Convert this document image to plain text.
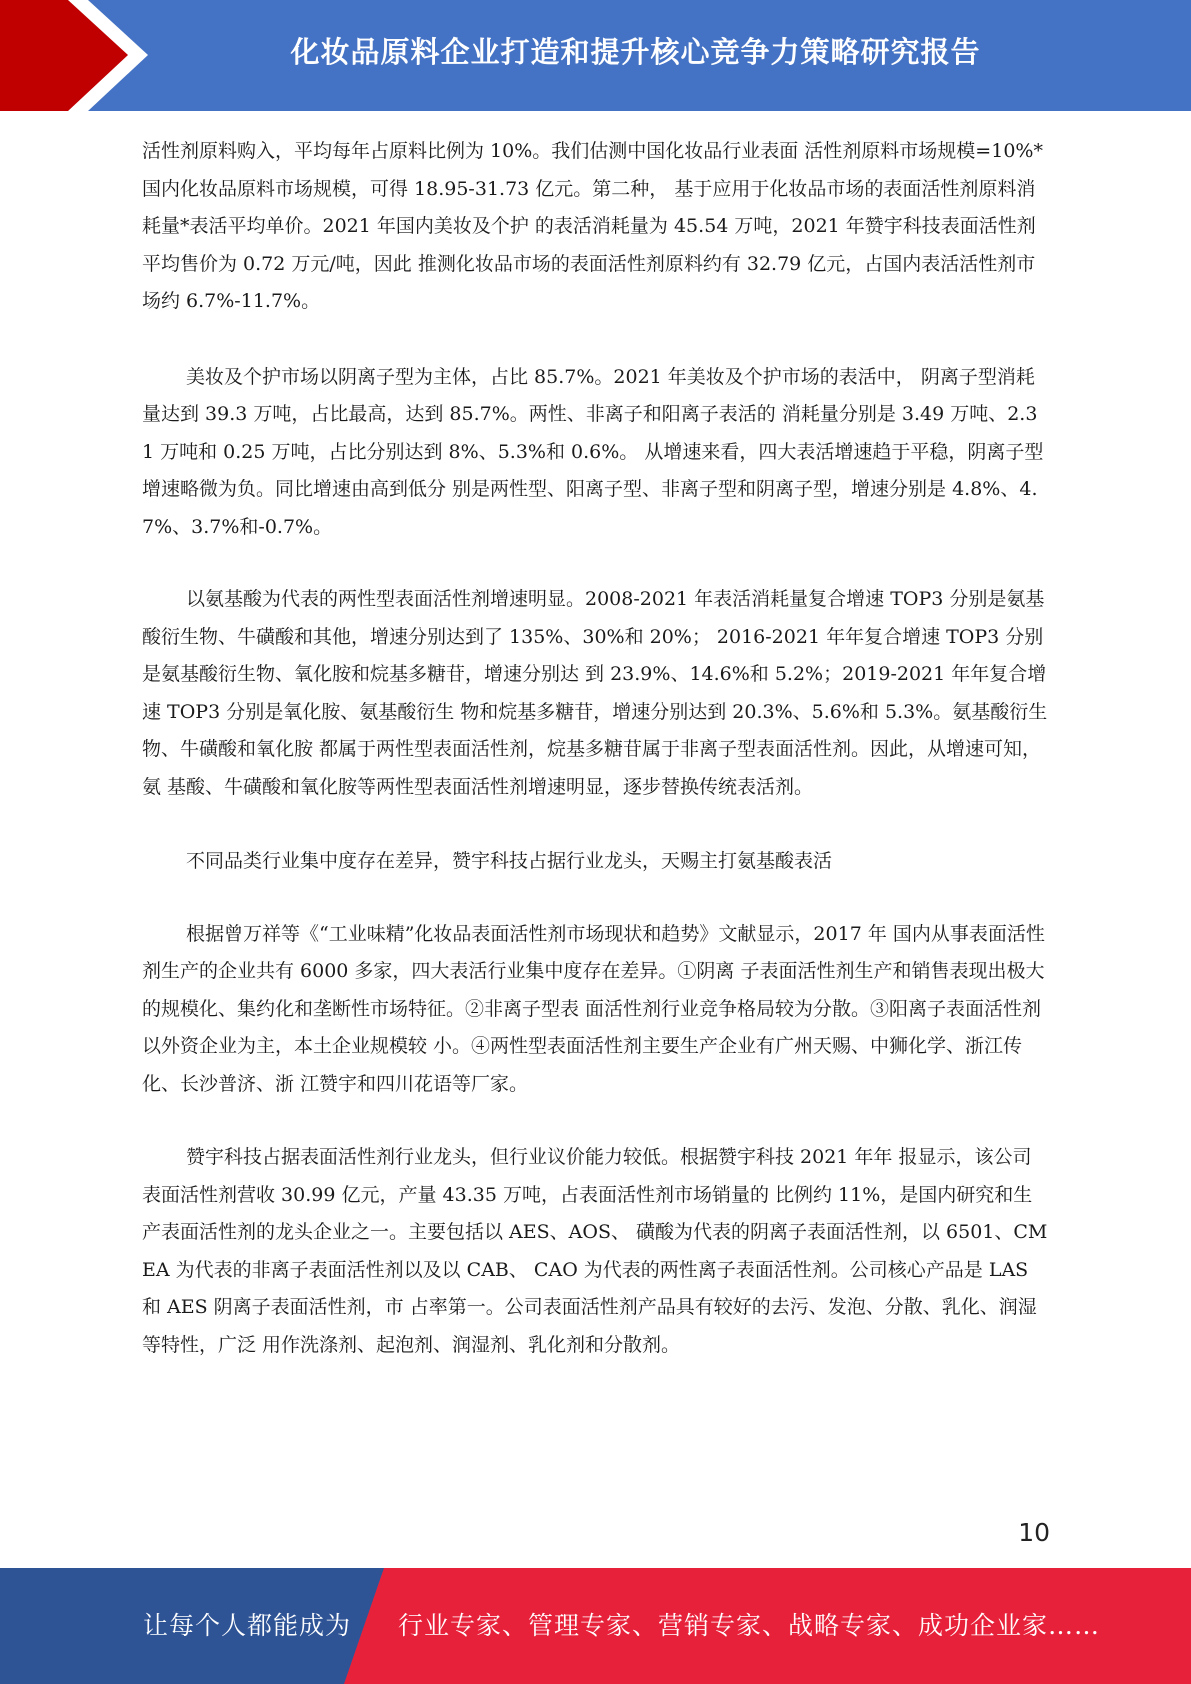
化妆品原料企业打造和提升核心竞争力策略研究报告

活性剂原料购入，平均每年占原料比例为 10%。我们估测中国化妆品行业表面 活性剂原料市场规模=10%*国内化妆品原料市场规模，可得 18.95-31.73 亿元。第二种， 基于应用于化妆品市场的表面活性剂原料消耗量*表活平均单价。2021 年国内美妆及个护 的表活消耗量为 45.54 万吨，2021 年赞宇科技表面活性剂平均售价为 0.72 万元/吨，因此 推测化妆品市场的表面活性剂原料约有 32.79 亿元，占国内表活活性剂市场约 6.7%-11.7%。

美妆及个护市场以阴离子型为主体，占比 85.7%。2021 年美妆及个护市场的表活中， 阴离子型消耗量达到 39.3 万吨，占比最高，达到 85.7%。两性、非离子和阳离子表活的 消耗量分别是 3.49 万吨、2.31 万吨和 0.25 万吨，占比分别达到 8%、5.3%和 0.6%。 从增速来看，四大表活增速趋于平稳，阴离子型增速略微为负。同比增速由高到低分 别是两性型、阳离子型、非离子型和阴离子型，增速分别是 4.8%、4.7%、3.7%和-0.7%。

以氨基酸为代表的两性型表面活性剂增速明显。2008-2021 年表活消耗量复合增速 TOP3 分别是氨基酸衍生物、牛磺酸和其他，增速分别达到了 135%、30%和 20%； 2016-2021 年年复合增速 TOP3 分别是氨基酸衍生物、氧化胺和烷基多糖苷，增速分别达 到 23.9%、14.6%和 5.2%；2019-2021 年年复合增速 TOP3 分别是氧化胺、氨基酸衍生 物和烷基多糖苷，增速分别达到 20.3%、5.6%和 5.3%。氨基酸衍生物、牛磺酸和氧化胺 都属于两性型表面活性剂，烷基多糖苷属于非离子型表面活性剂。因此，从增速可知，氨 基酸、牛磺酸和氧化胺等两性型表面活性剂增速明显，逐步替换传统表活剂。

不同品类行业集中度存在差异，赞宇科技占据行业龙头，天赐主打氨基酸表活

根据曾万祥等《“工业味精”化妆品表面活性剂市场现状和趋势》文献显示，2017 年 国内从事表面活性剂生产的企业共有 6000 多家，四大表活行业集中度存在差异。①阴离 子表面活性剂生产和销售表现出极大的规模化、集约化和垄断性市场特征。②非离子型表 面活性剂行业竞争格局较为分散。③阳离子表面活性剂以外资企业为主，本土企业规模较 小。④两性型表面活性剂主要生产企业有广州天赐、中狮化学、浙江传化、长沙普济、浙 江赞宇和四川花语等厂家。

赞宇科技占据表面活性剂行业龙头，但行业议价能力较低。根据赞宇科技 2021 年年 报显示，该公司表面活性剂营收 30.99 亿元，产量 43.35 万吨，占表面活性剂市场销量的 比例约 11%，是国内研究和生产表面活性剂的龙头企业之一。主要包括以 AES、AOS、 磺酸为代表的阴离子表面活性剂，以 6501、CMEA 为代表的非离子表面活性剂以及以 CAB、 CAO 为代表的两性离子表面活性剂。公司核心产品是 LAS 和 AES 阴离子表面活性剂，市 占率第一。公司表面活性剂产品具有较好的去污、发泡、分散、乳化、润湿等特性，广泛 用作洗涤剂、起泡剂、润湿剂、乳化剂和分散剂。

10
让每个人都能成为 行业专家、管理专家、营销专家、战略专家、成功企业家……
